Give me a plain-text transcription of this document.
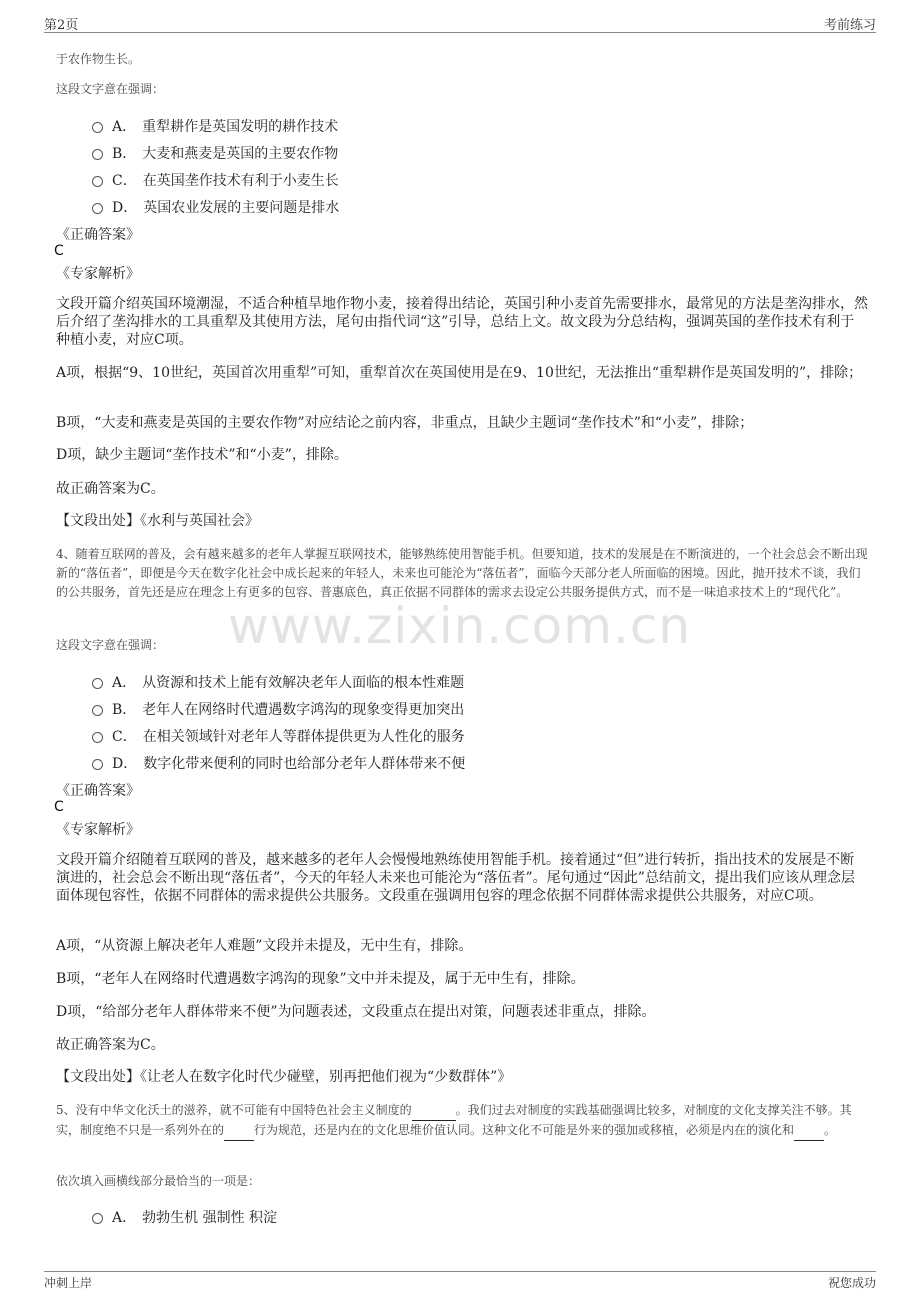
第2页	考前练习
www.zixin.com.cn

于农作物生长。

这段文字意在强调：

A． 重犁耕作是英国发明的耕作技术
B． 大麦和燕麦是英国的主要农作物
C． 在英国垄作技术有利于小麦生长
D． 英国农业发展的主要问题是排水
《正确答案》
C
《专家解析》

文段开篇介绍英国环境潮湿，不适合种植旱地作物小麦，接着得出结论，英国引种小麦首先需要排水，最常见的方法是垄沟排水，然后介绍了垄沟排水的工具重犁及其使用方法，尾句由指代词“这”引导，总结上文。故文段为分总结构，强调英国的垄作技术有利于种植小麦，对应C项。

A项，根据“9、10世纪，英国首次用重犁”可知，重犁首次在英国使用是在9、10世纪，无法推出“重犁耕作是英国发明的”，排除；

B项，“大麦和燕麦是英国的主要农作物”对应结论之前内容，非重点，且缺少主题词“垄作技术”和“小麦”，排除；

D项，缺少主题词“垄作技术”和“小麦”，排除。

故正确答案为C。

【文段出处】《水利与英国社会》

4、随着互联网的普及，会有越来越多的老年人掌握互联网技术，能够熟练使用智能手机。但要知道，技术的发展是在不断演进的，一个社会总会不断出现新的“落伍者”，即便是今天在数字化社会中成长起来的年轻人，未来也可能沦为“落伍者”，面临今天部分老人所面临的困境。因此，抛开技术不谈，我们的公共服务，首先还是应在理念上有更多的包容、普惠底色，真正依据不同群体的需求去设定公共服务提供方式，而不是一味追求技术上的“现代化”。

这段文字意在强调：

A． 从资源和技术上能有效解决老年人面临的根本性难题
B． 老年人在网络时代遭遇数字鸿沟的现象变得更加突出
C． 在相关领域针对老年人等群体提供更为人性化的服务
D． 数字化带来便利的同时也给部分老年人群体带来不便
《正确答案》
C
《专家解析》

文段开篇介绍随着互联网的普及，越来越多的老年人会慢慢地熟练使用智能手机。接着通过“但”进行转折，指出技术的发展是不断演进的，社会总会不断出现“落伍者”，今天的年轻人未来也可能沦为“落伍者”。尾句通过“因此”总结前文，提出我们应该从理念层面体现包容性，依据不同群体的需求提供公共服务。文段重在强调用包容的理念依据不同群体需求提供公共服务，对应C项。

A项，“从资源上解决老年人难题”文段并未提及，无中生有，排除。

B项，“老年人在网络时代遭遇数字鸿沟的现象”文中并未提及，属于无中生有，排除。

D项，“给部分老年人群体带来不便”为问题表述，文段重点在提出对策，问题表述非重点，排除。

故正确答案为C。

【文段出处】《让老人在数字化时代少碰壁，别再把他们视为“少数群体”》

5、没有中华文化沃土的滋养，就不可能有中国特色社会主义制度的	。我们过去对制度的实践基础强调比较多，对制度的文化支撑关注不够。其实，制度绝不只是一系列外在的	行为规范，还是内在的文化思维价值认同。这种文化不可能是外来的强加或移植，必须是内在的演化和	。

依次填入画横线部分最恰当的一项是：

A． 勃勃生机 强制性 积淀
冲刺上岸	祝您成功
